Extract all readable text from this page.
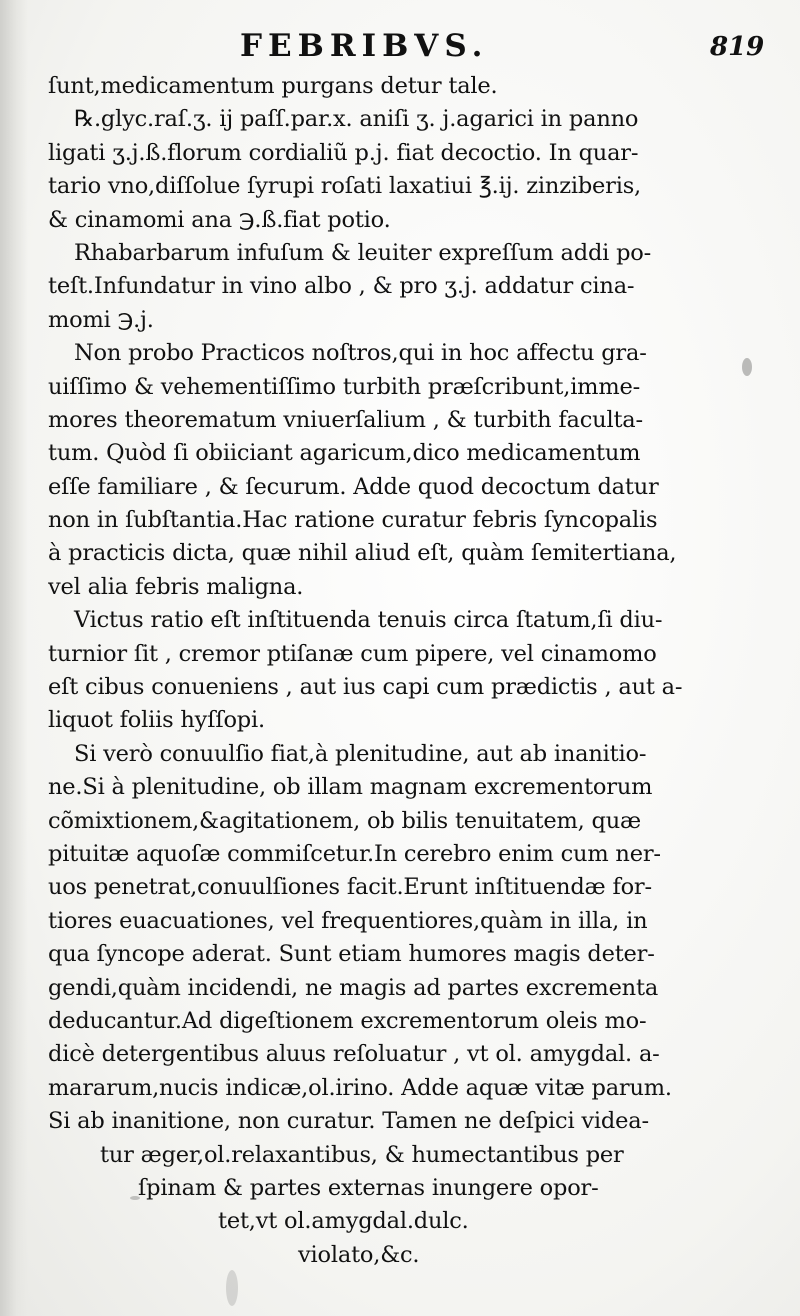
FEBRIBVS.	819
ſunt,medicamentum purgans detur tale.
℞.glyc.raſ.ʒ. ij paſſ.par.x. aniſi ʒ. j.agarici in panno
ligati ʒ.j.ß.florum cordialiũ p.j. fiat decoctio. In quar-
tario vno,diſſolue ſyrupi roſati laxatiui ℥.ij. zinziberis,
& cinamomi ana ℈.ß.fiat potio.
Rhabarbarum infuſum & leuiter expreſſum addi po-
teſt.Infundatur in vino albo , & pro ʒ.j. addatur cina-
momi ℈.j.
Non probo Practicos noſtros,qui in hoc affectu gra-
uiſſimo & vehementiſſimo turbith præſcribunt,imme-
mores theorematum vniuerſalium , & turbith faculta-
tum. Quòd ſi obiiciant agaricum,dico medicamentum
eſſe familiare , & ſecurum. Adde quod decoctum datur
non in ſubſtantia.Hac ratione curatur febris ſyncopalis
à practicis dicta, quæ nihil aliud eſt, quàm ſemitertiana,
vel alia febris maligna.
Victus ratio eſt inſtituenda tenuis circa ſtatum,ſi diu-
turnior ſit , cremor ptiſanæ cum pipere, vel cinamomo
eſt cibus conueniens , aut ius capi cum prædictis , aut a-
liquot foliis hyſſopi.
Si verò conuulſio fiat,à plenitudine, aut ab inanitio-
ne.Si à plenitudine, ob illam magnam excrementorum
cõmixtionem,&agitationem, ob bilis tenuitatem, quæ
pituitæ aquoſæ commiſcetur.In cerebro enim cum ner-
uos penetrat,conuulſiones facit.Erunt inſtituendæ for-
tiores euacuationes, vel frequentiores,quàm in illa, in
qua ſyncope aderat. Sunt etiam humores magis deter-
gendi,quàm incidendi, ne magis ad partes excrementa
deducantur.Ad digeſtionem excrementorum oleis mo-
dicè detergentibus aluus reſoluatur , vt ol. amygdal. a-
mararum,nucis indicæ,ol.irino. Adde aquæ vitæ parum.
Si ab inanitione, non curatur. Tamen ne deſpici videa-
tur æger,ol.relaxantibus, & humectantibus per
ſpinam & partes externas inungere opor-
tet,vt ol.amygdal.dulc.
violato,&c.
